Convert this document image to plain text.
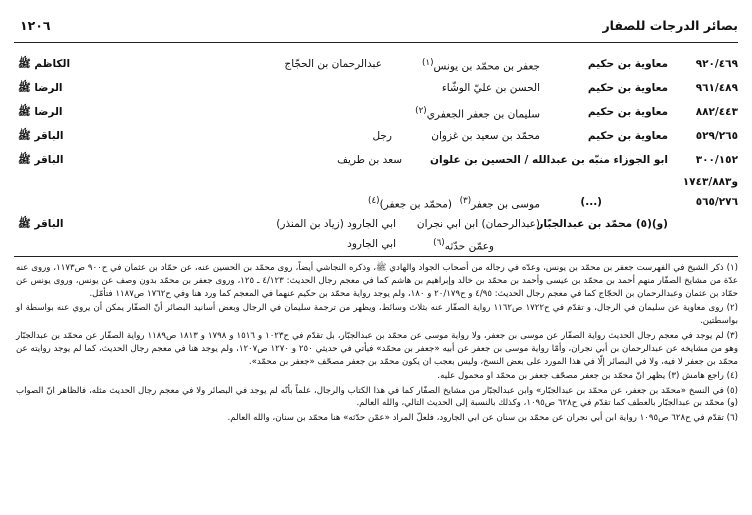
بصائر الدرجات للصفار
١٢٠٦
٩٢٠/٤٦٩
معاوية بن حكيم
جعفر بن محمّد بن يونس$^{(١)}$
عبدالرحمان بن الحجّاج
الكاظم ﷺ
٩٦١/٤٨٩
معاوية بن حكيم
الحسن بن عليّ الوشّاء
الرضا ﷺ
٨٨٢/٤٤٣
معاوية بن حكيم
سليمان بن جعفر الجعفري$^{(٢)}$
الرضا ﷺ
٥٢٩/٢٦٥
معاوية بن حكيم
محمّد بن سعيد بن غزوان
رجل
الباقر ﷺ
٣٠٠/١٥٢
ابو الجوزاء منبّه بن عبدالله / الحسين بن علوان
سعد بن طريف
الباقر ﷺ
و١٧٤٣/٨٨٣
٥٦٥/٢٧٦
(...)
موسى بن جعفر$^{(٣)}$
(محمّد بن جعفر)$^{(٤)}$
(و)(٥) محمّد بن عبدالجبّار
(عبدالرحمان) ابن ابي نجران
ابي الجارود (زياد بن المنذر)
الباقر ﷺ
وعمّن حدّثه$^{(٦)}$
ابي الجارود

(١) ذكر الشيخ في الفهرست جعفر بن محمّد بن يونس، وعدّه في رجاله من أصحاب الجواد والهادي ﷺ، وذكره النجاشي أيضاً، روى محمّد بن الحسين عنه، عن حمّاد بن عثمان في ح٩٠٠ ص١١٧٣، وروى عنه عدّة من مشايخ الصفّار منهم أحمد بن محمّد بن عيسى وأحمد بن محمّد بن خالد وإبراهيم بن هاشم كما في معجم رجال الحديث: ٤/١٢٣ ـ ١٢٥، وروى جعفر بن محمّد بدون وصف عن يونس، وروى يونس عن حمّاد بن عثمان وعبدالرحمان بن الحجّاج كما في معجم رجال الحديث: ٤/٩٥ و ح٢٠/١٧٩ و ١٨٠، ولم يوجد رواية محمّد بن حكيم عنهما في المعجم كما ورد هنا وفي ح١٧٦٢ ص١١٨٧ فتأمّل.

(٢) روى معاوية عن سليمان في الرجال، و تقدّم في ح١٧٢٢ ص١١٦٢ رواية الصفّار عنه بثلاث وسائط، ويظهر من ترجمة سليمان في الرجال وبعض أسانيد البصائر أنّ الصفّار يمكن أن يروي عنه بواسطة او بواسطتين.

(٣) لم يوجد في معجم رجال الحديث رواية الصفّار عن موسى بن جعفر، ولا رواية موسى عن محمّد بن عبدالجبّار، بل تقدّم في ح١٠٢٣ و ١٥١٦ و ١٧٩٨ و ١٨١٣ ص١١٨٩ رواية الصفّار عن محمّد بن عبدالجبّار وهو من مشايخه عن عبدالرحمان بن أبي نجران، وأمّا رواية موسى بن جعفر عن أبيه «جعفر بن محمّد» فيأتي في حديثي ٢٥٠ و ١٢٧٠ ص١٢٠٧، ولم يوجد هنا في معجم رجال الحديث، كما لم يوجد روايته عن محمّد بن جعفر لا فيه، ولا في البصائر إلّا في هذا المورد على بعض النسخ، وليس بعجب ان يكون محمّد بن جعفر مصحّف «جعفر بن محمّد».

(٤) راجع هامش (٣) يظهر انّ محمّد بن جعفر مصحّف جعفر بن محمّد او محمول عليه.

(٥) في النسخ «محمّد بن جعفر، عن محمّد بن عبدالجبّار» وابن عبدالجبّار من مشايخ الصفّار كما في هذا الكتاب والرجال، علماً بأنّه لم يوجد في البصائر ولا في معجم رجال الحديث مثله، فالظاهر انّ الصواب (و) محمّد بن عبدالجبّار بالعطف كما تقدّم في ح٦٢٨ ص١٠٩٥، وكذلك بالنسبة إلى الحديث التالي، والله العالم.

(٦) تقدّم في ح٦٢٨ ص١٠٩٥ رواية ابن أبي نجران عن محمّد بن سنان عن ابي الجارود، فلعلّ المراد «عمّن حدّثه» هنا محمّد بن سنان، والله العالم.
